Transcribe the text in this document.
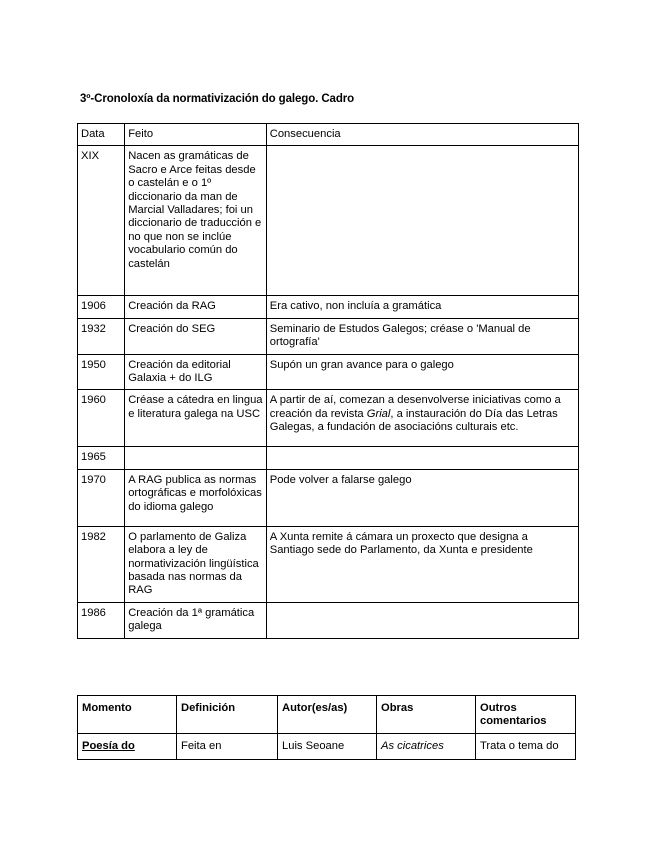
3º-Cronoloxía da normativización do galego. Cadro
Data	Feito	Consecuencia
XIX	Nacen as gramáticas de Sacro e Arce feitas desde o castelán e o 1º diccionario da man de Marcial Valladares; foi un diccionario de traducción e no que non se inclúe vocabulario común do castelán	
1906	Creación da RAG	Era cativo, non incluía a gramática
1932	Creación do SEG	Seminario de Estudos Galegos; créase o 'Manual de ortografía'
1950	Creación da editorial Galaxia + do ILG	Supón un gran avance para o galego
1960	Créase a cátedra en lingua e literatura galega na USC	A partir de aí, comezan a desenvolverse iniciativas como a creación da revista Grial, a instauración do Día das Letras Galegas, a fundación de asociacións culturais etc.
1965		
1970	A RAG publica as normas ortográficas e morfolóxicas do idioma galego	Pode volver a falarse galego
1982	O parlamento de Galiza elabora a ley de normativización lingüística basada nas normas da RAG	A Xunta remite á cámara un proxecto que designa a Santiago sede do Parlamento, da Xunta e presidente
1986	Creación da 1ª gramática galega	
Momento	Definición	Autor(es/as)	Obras	Outros comentarios
Poesía do	Feita en	Luis Seoane	As cicatrices	Trata o tema do
